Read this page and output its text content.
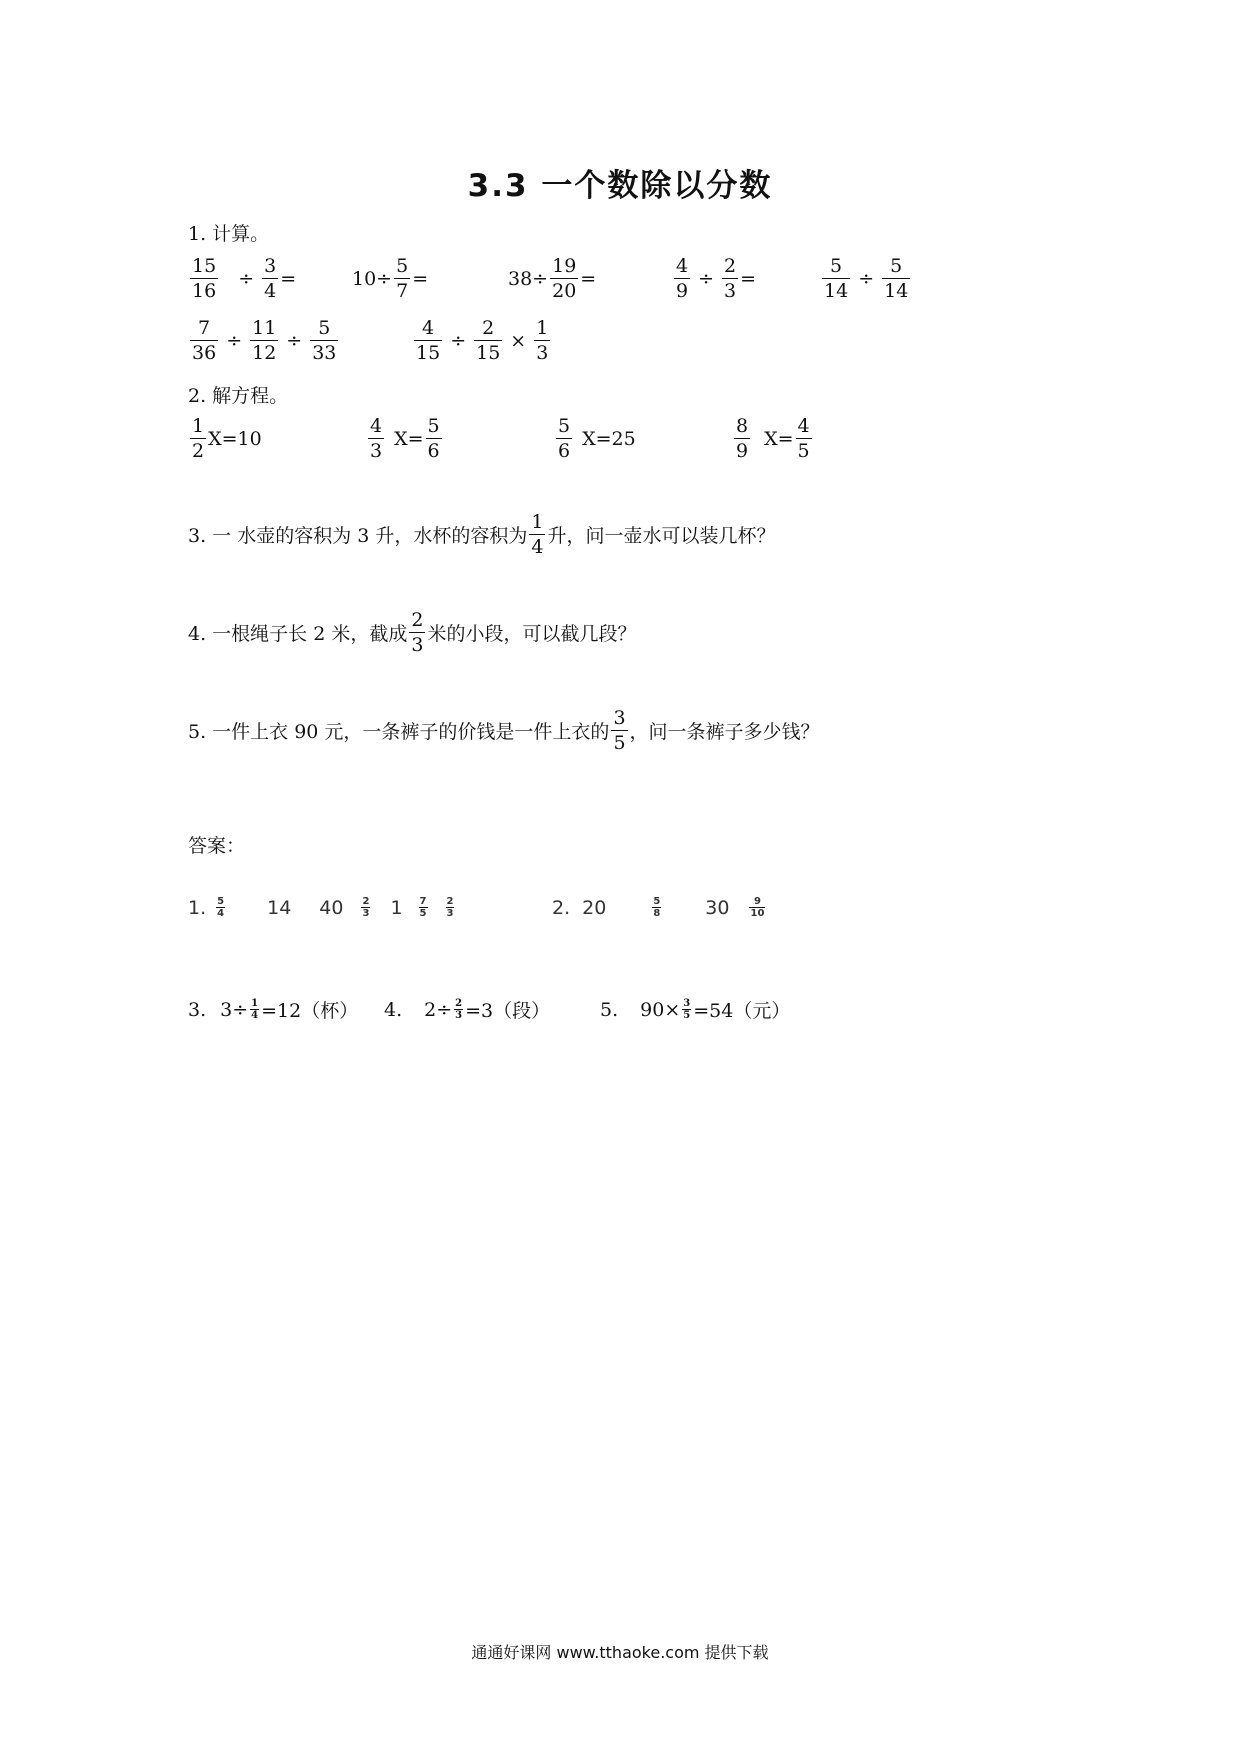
3.3 一个数除以分数
1. 计算。
$\frac{15}{16} \div \frac{3}{4}$ =	$10\div \frac{5}{7}$ =	$38\div \frac{19}{20}$ =	$\frac{4}{9} \div \frac{2}{3}$ =	$\frac{5}{14} \div \frac{5}{14}$
$\frac{7}{36} \div \frac{11}{12} \div \frac{5}{33}$	$\frac{4}{15} \div \frac{2}{15} \times \frac{1}{3}$
2. 解方程。
$\frac{1}{2} X=10$	$\frac{4}{3} X= \frac{5}{6}$	$\frac{5}{6} X=25$	$\frac{8}{9} X= \frac{4}{5}$
3. 一 水壶的容积为 3 升，水杯的容积为 $\frac{1}{4}$ 升，问一壶水可以装几杯？
4. 一根绳子长 2 米，截成 $\frac{2}{3}$ 米的小段，可以截几段？
5. 一件上衣 90 元，一条裤子的价钱是一件上衣的 $\frac{3}{5}$ ，问一条裤子多少钱？
答案：
1. $\frac{5}{4} 14$ $40 \frac{2}{3} 1 \frac{7}{5} \frac{2}{3}$	2. 20	$\frac{5}{8} 30 \frac{9}{10}$
3. $3\div \frac{1}{4} =12$（杯） 4. $2\div \frac{2}{3} =3$（段）	5. $90\times \frac{3}{5} =54$（元）
通通好课网 www.tthaoke.com 提供下载
